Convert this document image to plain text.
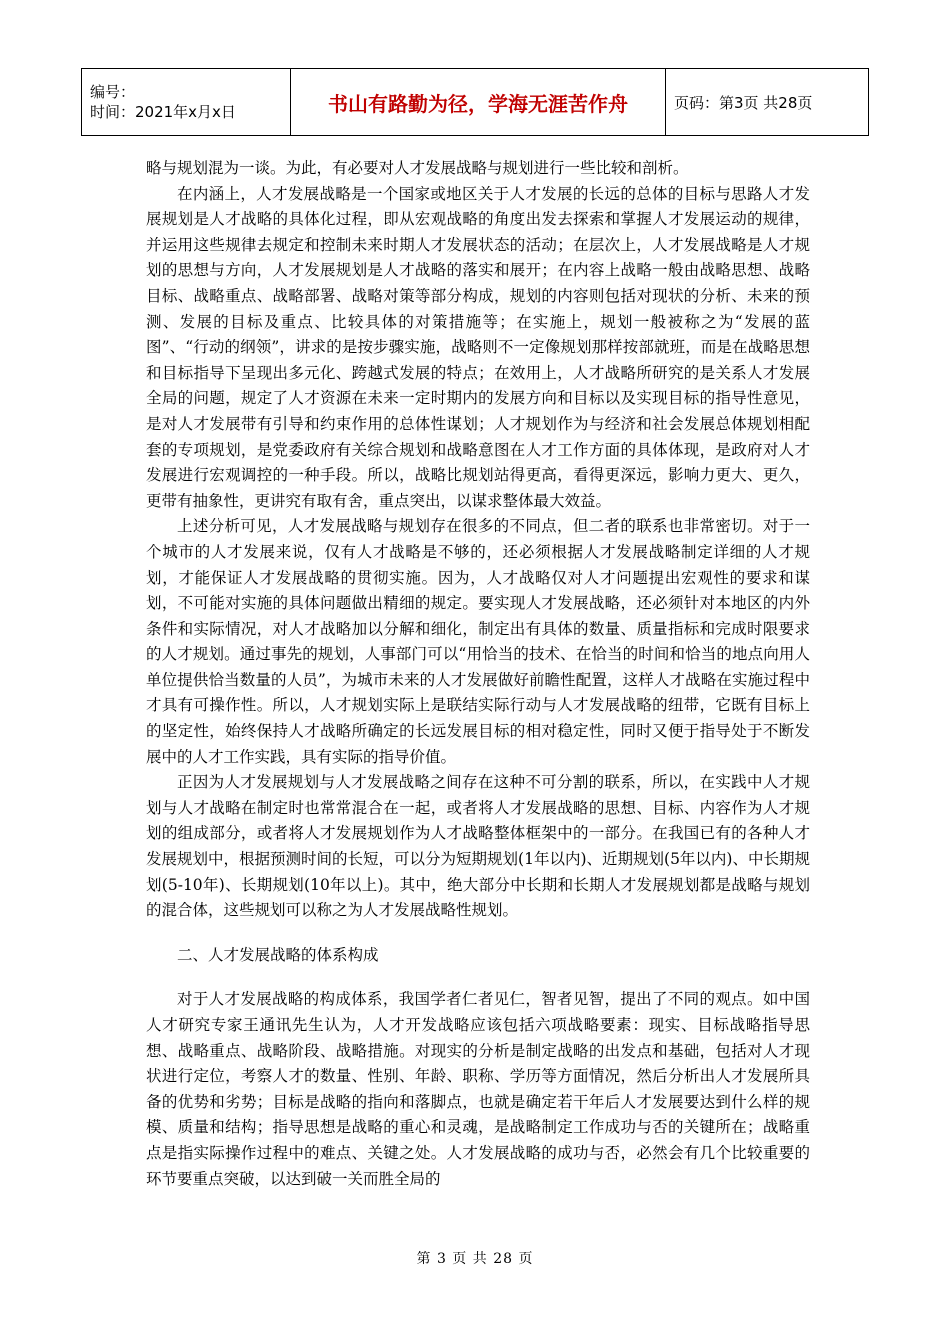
编号：
时间：2021年x月x日	书山有路勤为径，学海无涯苦作舟	页码：第3页 共28页

略与规划混为一谈。为此，有必要对人才发展战略与规划进行一些比较和剖析。

在内涵上，人才发展战略是一个国家或地区关于人才发展的长远的总体的目标与思路人才发展规划是人才战略的具体化过程，即从宏观战略的角度出发去探索和掌握人才发展运动的规律，并运用这些规律去规定和控制未来时期人才发展状态的活动；在层次上，人才发展战略是人才规划的思想与方向，人才发展规划是人才战略的落实和展开；在内容上战略一般由战略思想、战略目标、战略重点、战略部署、战略对策等部分构成，规划的内容则包括对现状的分析、未来的预测、发展的目标及重点、比较具体的对策措施等；在实施上，规划一般被称之为“发展的蓝图”、“行动的纲领”，讲求的是按步骤实施，战略则不一定像规划那样按部就班，而是在战略思想和目标指导下呈现出多元化、跨越式发展的特点；在效用上，人才战略所研究的是关系人才发展全局的问题，规定了人才资源在未来一定时期内的发展方向和目标以及实现目标的指导性意见，是对人才发展带有引导和约束作用的总体性谋划；人才规划作为与经济和社会发展总体规划相配套的专项规划，是党委政府有关综合规划和战略意图在人才工作方面的具体体现，是政府对人才发展进行宏观调控的一种手段。所以，战略比规划站得更高，看得更深远，影响力更大、更久，更带有抽象性，更讲究有取有舍，重点突出，以谋求整体最大效益。

上述分析可见，人才发展战略与规划存在很多的不同点，但二者的联系也非常密切。对于一个城市的人才发展来说，仅有人才战略是不够的，还必须根据人才发展战略制定详细的人才规划，才能保证人才发展战略的贯彻实施。因为，人才战略仅对人才问题提出宏观性的要求和谋划，不可能对实施的具体问题做出精细的规定。要实现人才发展战略，还必须针对本地区的内外条件和实际情况，对人才战略加以分解和细化，制定出有具体的数量、质量指标和完成时限要求的人才规划。通过事先的规划，人事部门可以“用恰当的技术、在恰当的时间和恰当的地点向用人单位提供恰当数量的人员”，为城市未来的人才发展做好前瞻性配置，这样人才战略在实施过程中才具有可操作性。所以，人才规划实际上是联结实际行动与人才发展战略的纽带，它既有目标上的坚定性，始终保持人才战略所确定的长远发展目标的相对稳定性，同时又便于指导处于不断发展中的人才工作实践，具有实际的指导价值。

正因为人才发展规划与人才发展战略之间存在这种不可分割的联系，所以，在实践中人才规划与人才战略在制定时也常常混合在一起，或者将人才发展战略的思想、目标、内容作为人才规划的组成部分，或者将人才发展规划作为人才战略整体框架中的一部分。在我国已有的各种人才发展规划中，根据预测时间的长短，可以分为短期规划(1年以内)、近期规划(5年以内)、中长期规划(5-10年)、长期规划(10年以上)。其中，绝大部分中长期和长期人才发展规划都是战略与规划的混合体，这些规划可以称之为人才发展战略性规划。

二、人才发展战略的体系构成

对于人才发展战略的构成体系，我国学者仁者见仁，智者见智，提出了不同的观点。如中国人才研究专家王通讯先生认为，人才开发战略应该包括六项战略要素：现实、目标战略指导思想、战略重点、战略阶段、战略措施。对现实的分析是制定战略的出发点和基础，包括对人才现状进行定位，考察人才的数量、性别、年龄、职称、学历等方面情况，然后分析出人才发展所具备的优势和劣势；目标是战略的指向和落脚点，也就是确定若干年后人才发展要达到什么样的规模、质量和结构；指导思想是战略的重心和灵魂，是战略制定工作成功与否的关键所在；战略重点是指实际操作过程中的难点、关键之处。人才发展战略的成功与否，必然会有几个比较重要的环节要重点突破，以达到破一关而胜全局的

第 3 页 共 28 页
